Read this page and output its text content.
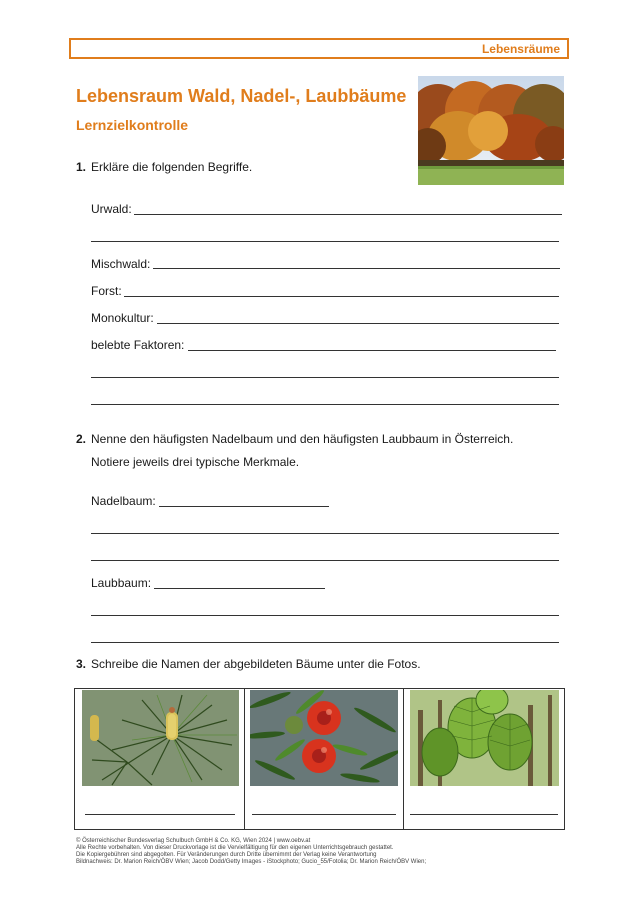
Lebensräume
Lebensraum Wald, Nadel-, Laubbäume
Lernzielkontrolle
1. Erkläre die folgenden Begriffe.
Urwald:
Mischwald:
Forst:
Monokultur:
belebte Faktoren:
2. Nenne den häufigsten Nadelbaum und den häufigsten Laubbaum in Österreich.
Notiere jeweils drei typische Merkmale.
Nadelbaum:
Laubbaum:
3. Schreibe die Namen der abgebildeten Bäume unter die Fotos.
© Österreichischer Bundesverlag Schulbuch GmbH & Co. KG, Wien 2024 | www.oebv.at
Alle Rechte vorbehalten. Von dieser Druckvorlage ist die Vervielfältigung für den eigenen Unterrichtsgebrauch gestattet.
Die Kopiergebühren sind abgegolten. Für Veränderungen durch Dritte übernimmt der Verlag keine Verantwortung
Bildnachweis: Dr. Marion Reich/ÖBV Wien; Jacob Dodd/Getty Images - iStockphoto; Gucio_55/Fotolia; Dr. Marion Reich/ÖBV Wien;
